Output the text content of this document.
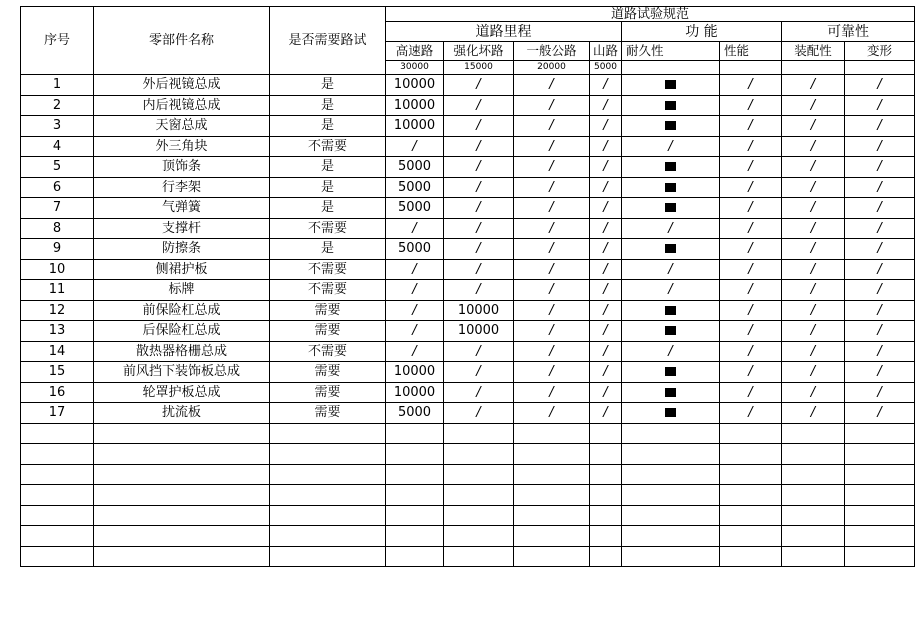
序号	零部件名称	是否需要路试	道路试验规范							
			道路里程				功 能		可靠性	
			高速路	强化坏路	一般公路	山路	耐久性	性能	装配性	变形
			30000	15000	20000	5000				
1	外后视镜总成	是	10000	/	/	/		/	/	/
2	内后视镜总成	是	10000	/	/	/		/	/	/
3	天窗总成	是	10000	/	/	/		/	/	/
4	外三角块	不需要	/	/	/	/	/	/	/	/
5	顶饰条	是	5000	/	/	/		/	/	/
6	行李架	是	5000	/	/	/		/	/	/
7	气弹簧	是	5000	/	/	/		/	/	/
8	支撑杆	不需要	/	/	/	/	/	/	/	/
9	防擦条	是	5000	/	/	/		/	/	/
10	侧裙护板	不需要	/	/	/	/	/	/	/	/
11	标牌	不需要	/	/	/	/	/	/	/	/
12	前保险杠总成	需要	/	10000	/	/		/	/	/
13	后保险杠总成	需要	/	10000	/	/		/	/	/
14	散热器格栅总成	不需要	/	/	/	/	/	/	/	/
15	前风挡下装饰板总成	需要	10000	/	/	/		/	/	/
16	轮罩护板总成	需要	10000	/	/	/		/	/	/
17	扰流板	需要	5000	/	/	/		/	/	/
